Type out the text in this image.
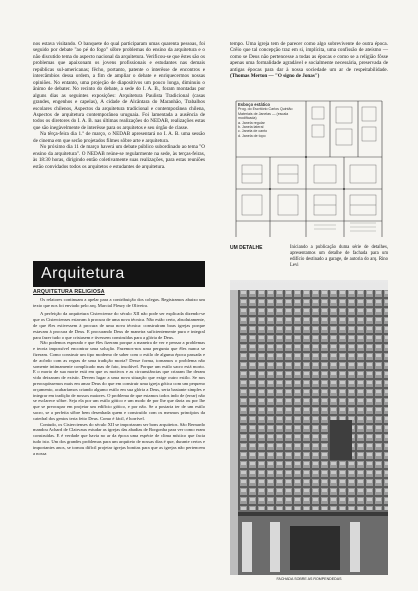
nos estava visitando. O banquete do qual participaram umas quarenta pessoas, foi seguido por debate "ao pé do fogo" sôbre problemas do ensino da arquitetura e o não discutido tema do aspecto nacional da arquitetura. Verificou-se que êstes são os problemas que apaixonam os jovens profissionais e estudantes nas demais repúblicas sul-americanas; fêcho, portanto, patente o interêsse de encontros e intercâmbios dessa ordem, a fim de ampliar o debate e enriquecermos nossas opiniões. No entanto, uma projeção de diapositivos um pouco longa, diminuiu o ânimo de debater. No recinto do debate, a sede do I. A. B., foram montadas por alguns dias as seguintes exposições: Arquitetura Paulista Tradicional (casas grandes, engenhos e capelas), A cidade de Alcântara do Maranhão, Trabalhos escolares chilenos, Aspectos da arquitetura tradicional e contemporânea chilena, Aspectos de arquitetura contemporânea uruguaia. Foi lamentada a ausência de todos os diretores do I. A. B. nas últimas realizações do NEDAB, realizações estas que são inegàvelmente de interêsse para os arquitetos e seu órgão de classe.

Na têrça-feira dia 1.º de março, o NEDAB apresentará no I. A. B. uma sessão de cinema em que serão projetados filmes sôbre arte e arquitetura.

No próximo dia 11 de março haverá um debate público subordinado ao tema "O ensino da arquitetura". O NEDAB reúne-se regularmente na sede, às terças-feiras, às 18:30 horas, dirigindo então coletivamente suas realizações, para estas reuniões estão convidados todos os arquitetos e estudantes de arquitetura.

Arquitetura
ARQUITETURA RELIGIOSA

Os relatores continuam a apelar para a contribuição dos colegas. Registramos abaixo um texto que nos foi enviado pelo arq. Marcial Fleury de Oliveira.

A perfeição da arquitetura Cisterciense do século XII não pode ser explicada dizendo-se que os Cistercienses estavam à procura de uma nova técnica. Não estão certo, absolutamente, de que êles estivessem à procura de uma nova técnica: construíram boas igrejas porque estavam à procura de Deus. E procurando Deus de maneira suficientemente pura e integral para fazer tudo o que cristasem e tivessem construídas para a glória de Deus.

Não podemos esperado e que êles fizeram porque a maneira de ver e pensar a problemas e teoria impossível encontrar uma solução. Fazemos-nos uma pergunta que êles nunca se fizeram. Como construir um tipo moderno de saber com o estilo de alguma época passada e de acôrdo com as regras de uma tradição morta? Desse forma, tornamos o problema não somente intimamente complicado mas de fato, insolúvel. Porque um estilo sacro está morto. E o morto de sua morte está em que os motivos e as circunstâncias que criaram lhe deram vida deixaram de existir. Devem lugar a uma nova situação que exige outro estilo. Se nos preocupássemos mais em amar Deus do que em construir uma igreja gótica com um pequeno orçamento, acabaríamos criando algumo estilo em sua glória a Deus, seria bastante simples e integrar em tradição de nossos maiores. O problema de que estamos todos indo de (errar) não se esclarece sôbre. Seja ela por um estilo gótico e um modo de por lhe que daria ou por lhe que se preocupar em projetar um edifício gótico, e por não. Se a postaria ter de um estilo sacro, se a perfeita sôbre bem desenhada quem e construído com os mesmos princípios da catedral dos genios teria feito Deus. Como é fácil, é horrível.

Contudo, os Cistercienses do século XII se importaram ser bons arquitetos. São Bernardo mandou Achard de Clairvaux estudar as igrejas das abadias de Borgonha para ver como eram construídas. E é verdade que havia no ar da época uma espécie de clima místico que facia tudo isto. Um dos grandes problemas para um arquiteto de nossas dias é que, durante certos e importantes anos, se tornou difícil projetar igrejas bonitas para que as igrejas não pertencem a nossa

tempo. Uma igreja tem de parecer como algo sobrevivente de outra época. Crêio que tal concepção traz em si, implícita, uma confissão de ateísmo — como se Deus não pertencesse a todas as épocas e como se a religião fôsse apenas uma formalidade agradável e socialmente necessária, preservada de antigas épocas para dar à nossa sociedade um ar de respeitabilidade. (Thomas Merton — "O signo de Jonas")

Esboço estático
Prog. do Escritório Carlos Quintão
Materiais de Janelas — (escala modificada)
a. Janela regular
b. Janela lateral
c. Janela de canto
d. Janela de topo
UM DETALHE	Iniciando a publicação duma série de detalhes, apresentamos um detalhe de fachada para um edifício destinado a garage, de autoria do arq. Rino Levi
FACHADA SOBRE AS ROMPENDEDAS
